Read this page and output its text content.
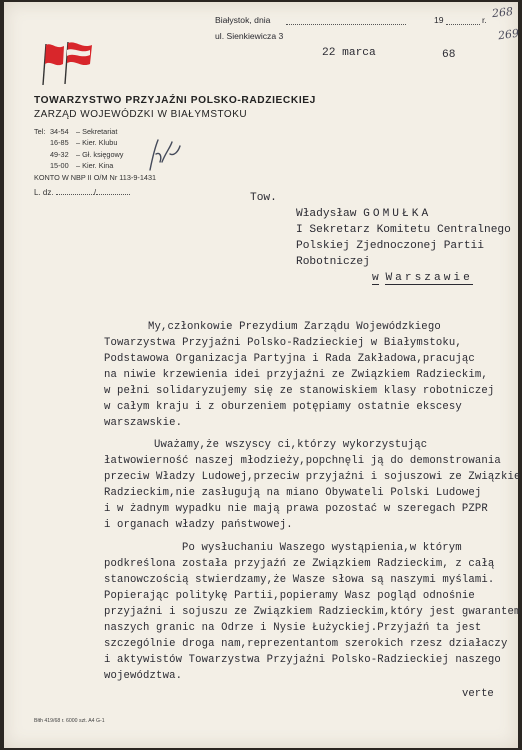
Białystok, dnia	19	r.
ul. Sienkiewicza 3
268
269
22 marca	68
TOWARZYSTWO PRZYJAŹNI POLSKO-RADZIECKIEJ
ZARZĄD WOJEWÓDZKI W BIAŁYMSTOKU
Tel: 34-54 – Sekretariat
16-85 – Kier. Klubu
49-32 – Gł. księgowy
15-00 – Kier. Kina
KONTO W NBP II O/M Nr 113-9-1431
L. dz.	/	Tow.
Władysław GOMUŁKA
I Sekretarz Komitetu Centralnego
Polskiej Zjednoczonej Partii
Robotniczej
w Warszawie
My,członkowie Prezydium Zarządu Wojewódzkiego
Towarzystwa Przyjaźni Polsko-Radzieckiej w Białymstoku,
Podstawowa Organizacja Partyjna i Rada Zakładowa,pracując
na niwie krzewienia idei przyjaźni ze Związkiem Radzieckim,
w pełni solidaryzujemy się ze stanowiskiem klasy robotniczej
w całym kraju i z oburzeniem potępiamy ostatnie ekscesy
warszawskie.
Uważamy,że wszyscy ci,którzy wykorzystując
łatwowierność naszej młodzieży,popchnęli ją do demonstrowania
przeciw Władzy Ludowej,przeciw przyjaźni i sojuszowi ze Związkie
Radzieckim,nie zasługują na miano Obywateli Polski Ludowej
i w żadnym wypadku nie mają prawa pozostać w szeregach PZPR
i organach władzy państwowej.
Po wysłuchaniu Waszego wystąpienia,w którym
podkreślona została przyjaźń ze Związkiem Radzieckim, z całą
stanowczością stwierdzamy,że Wasze słowa są naszymi myślami.
Popierając politykę Partii,popieramy Wasz pogląd odnośnie
przyjaźni i sojuszu ze Związkiem Radzieckim,który jest gwarantem
naszych granic na Odrze i Nysie Łużyckiej.Przyjaźń ta jest
szczególnie droga nam,reprezentantom szerokich rzesz działaczy
i aktywistów Towarzystwa Przyjaźni Polsko-Radzieckiej naszego
województwa.
Błth 419/68 r. 6000 szt. A4 G-1
verte
